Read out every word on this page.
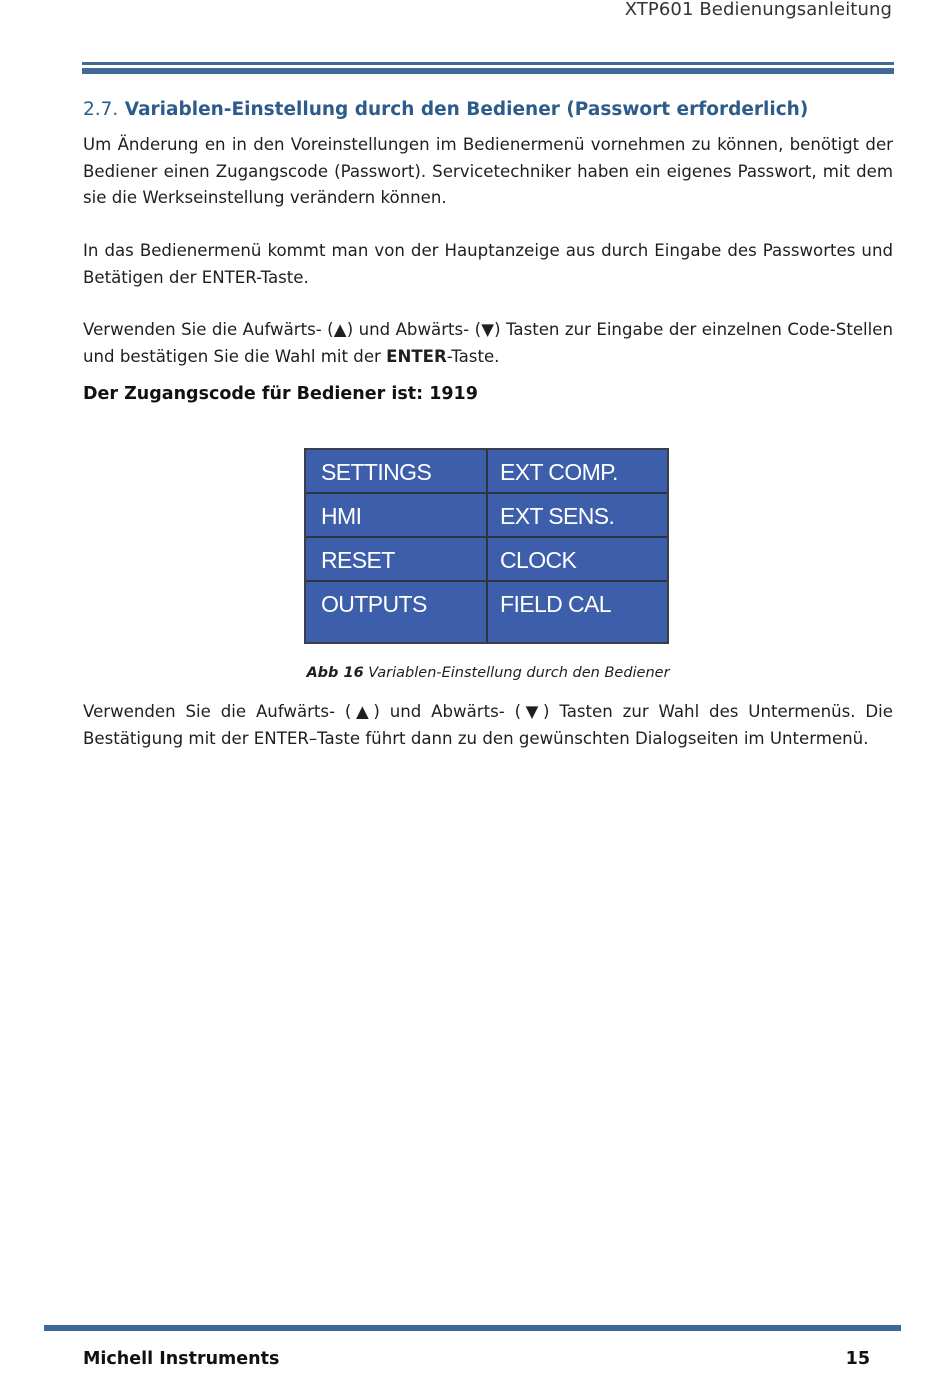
XTP601 Bedienungsanleitung
2.7. Variablen-Einstellung durch den Bediener (Passwort erforderlich)
Um Änderung en in den Voreinstellungen im Bedienermenü vornehmen zu können, benötigt der Bediener einen Zugangscode (Passwort). Servicetechniker haben ein eigenes Passwort, mit dem sie die Werkseinstellung verändern können.
In das Bedienermenü kommt man von der Hauptanzeige aus durch Eingabe des Passwortes und Betätigen der ENTER-Taste.
Verwenden Sie die Aufwärts- (▲) und Abwärts- (▼) Tasten zur Eingabe der einzelnen Code-Stellen und bestätigen Sie die Wahl mit der ENTER-Taste.
Der Zugangscode für Bediener ist: 1919
SETTINGS
HMI
RESET
OUTPUTS
EXT COMP.
EXT SENS.
CLOCK
FIELD CAL
Abb 16 Variablen-Einstellung durch den Bediener
Verwenden Sie die Aufwärts- (▲) und Abwärts- (▼) Tasten zur Wahl des Untermenüs. Die Bestätigung mit der ENTER–Taste führt dann zu den gewünschten Dialogseiten im Untermenü.
Michell Instruments	15
